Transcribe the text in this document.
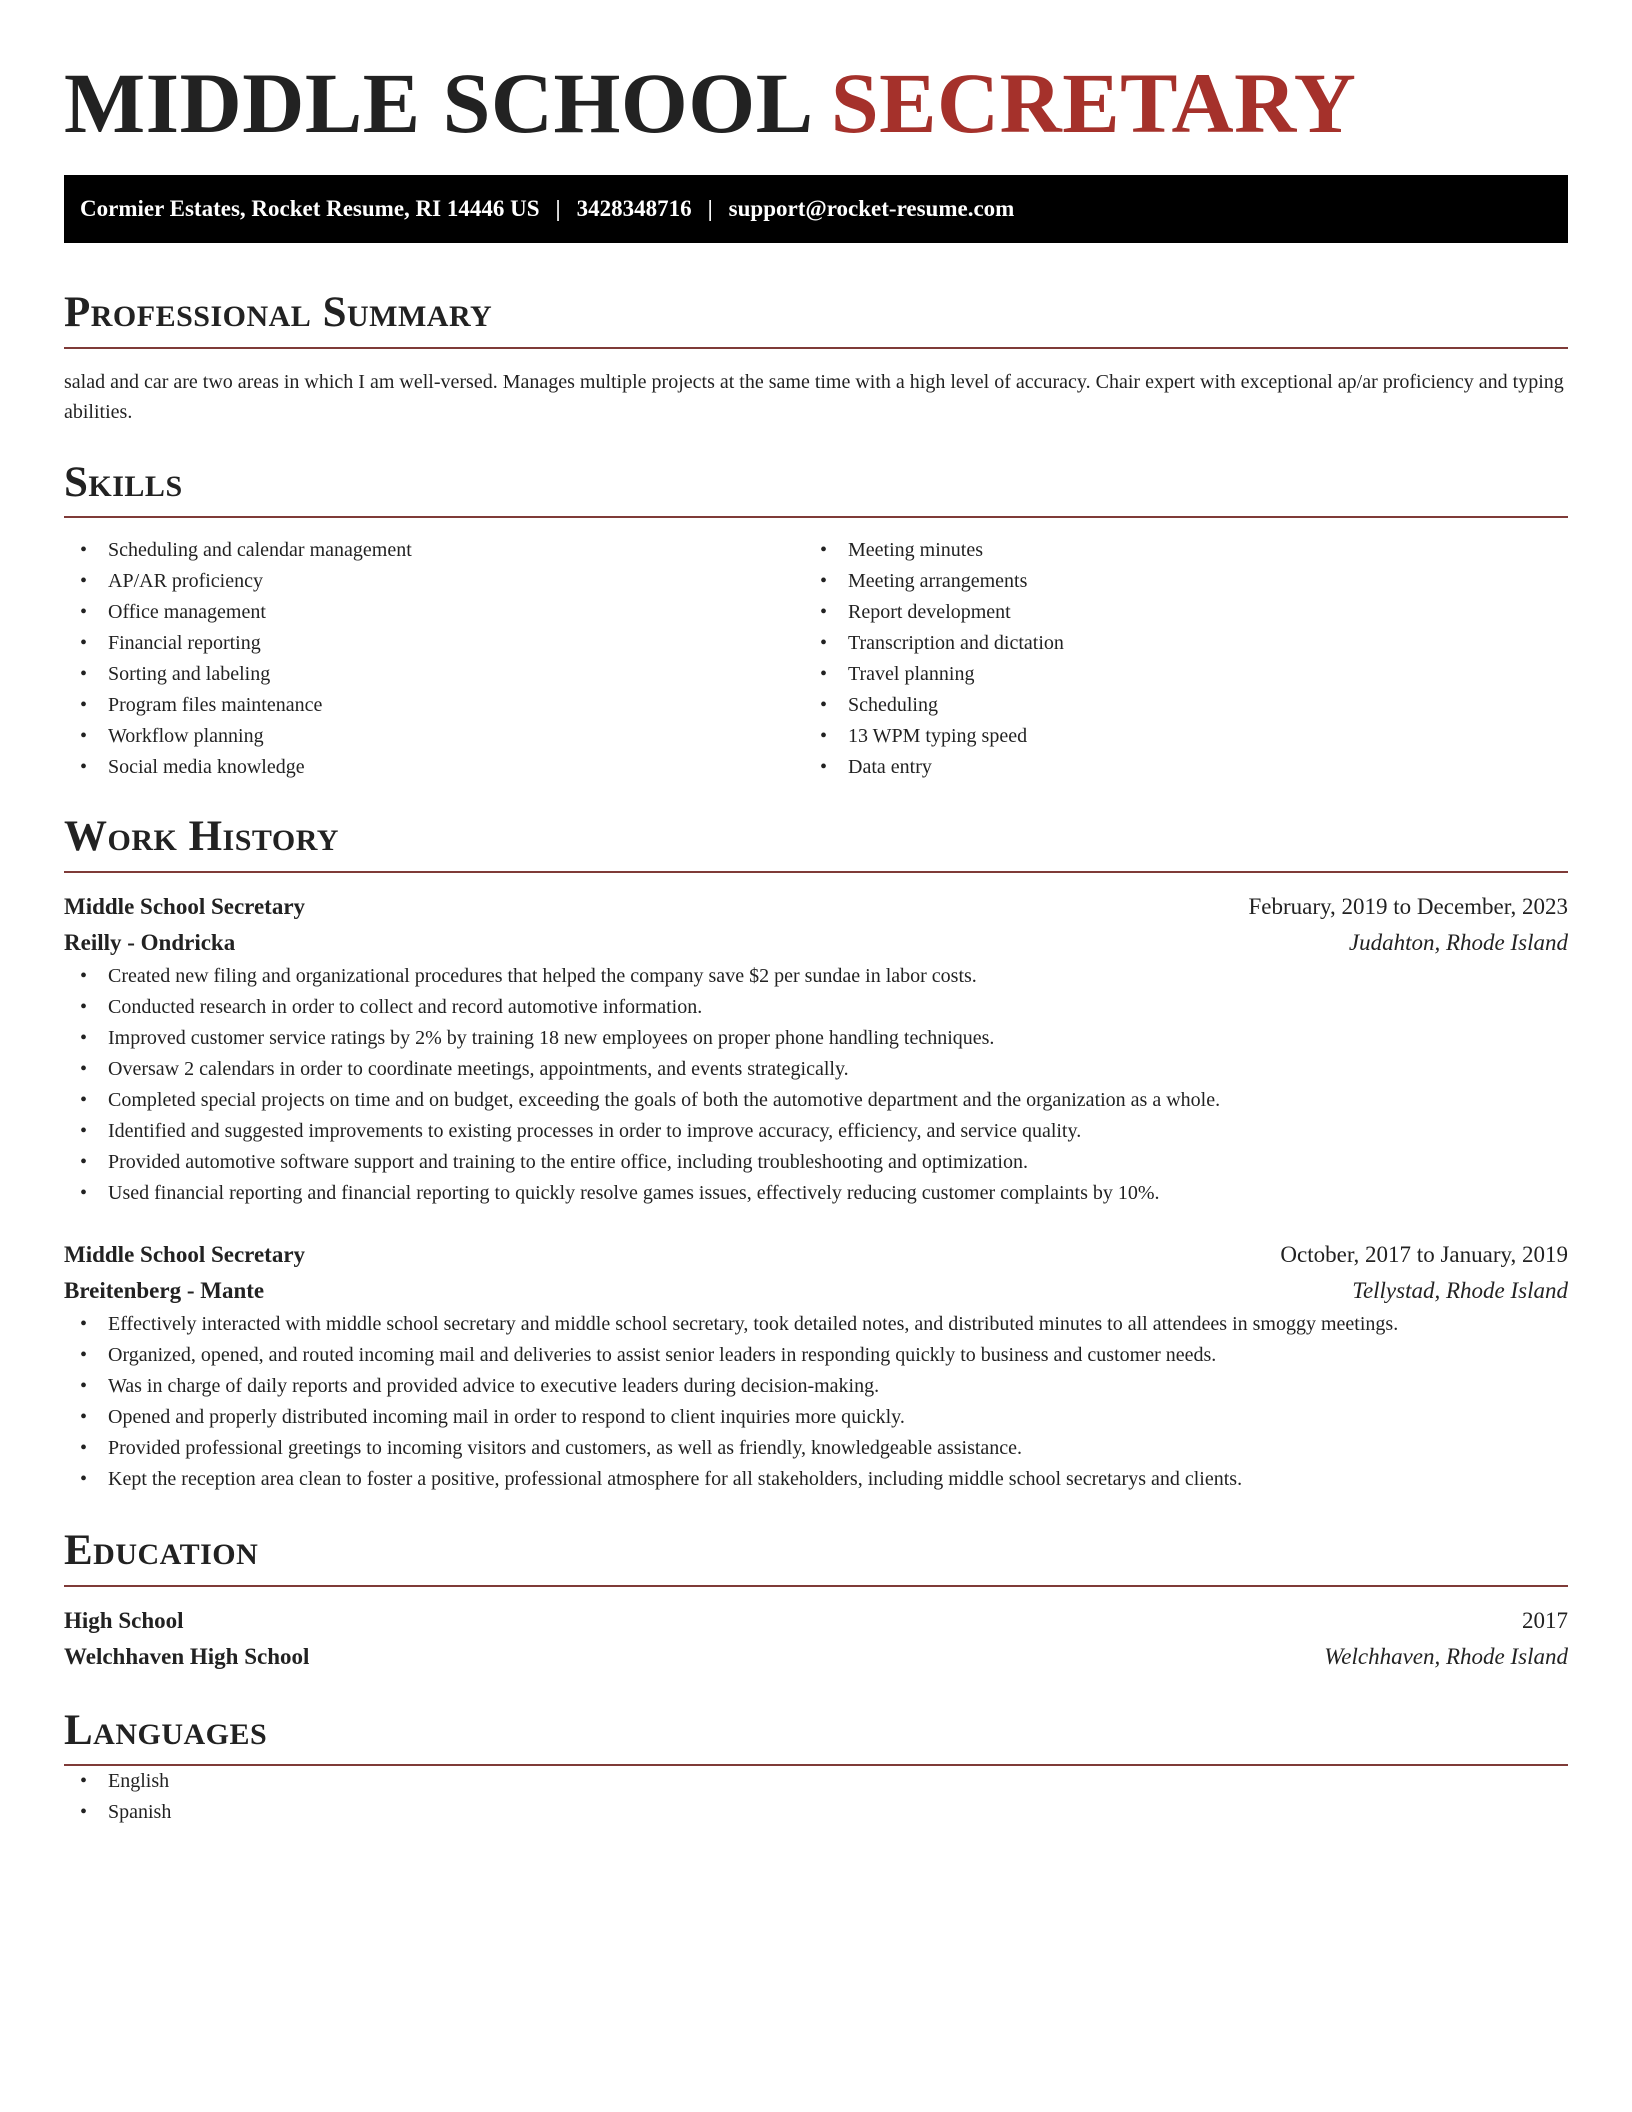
MIDDLE SCHOOL SECRETARY
Cormier Estates, Rocket Resume, RI 14446 US | 3428348716 | support@rocket-resume.com
Professional Summary

salad and car are two areas in which I am well-versed. Manages multiple projects at the same time with a high level of accuracy. Chair expert with exceptional ap/ar proficiency and typing abilities.

Skills
• Scheduling and calendar management
• AP/AR proficiency
• Office management
• Financial reporting
• Sorting and labeling
• Program files maintenance
• Workflow planning
• Social media knowledge
• Meeting minutes
• Meeting arrangements
• Report development
• Transcription and dictation
• Travel planning
• Scheduling
• 13 WPM typing speed
• Data entry
Work History
Middle School Secretary	February, 2019 to December, 2023
Reilly - Ondricka	Judahton, Rhode Island
• Created new filing and organizational procedures that helped the company save $2 per sundae in labor costs.
• Conducted research in order to collect and record automotive information.
• Improved customer service ratings by 2% by training 18 new employees on proper phone handling techniques.
• Oversaw 2 calendars in order to coordinate meetings, appointments, and events strategically.
• Completed special projects on time and on budget, exceeding the goals of both the automotive department and the organization as a whole.
• Identified and suggested improvements to existing processes in order to improve accuracy, efficiency, and service quality.
• Provided automotive software support and training to the entire office, including troubleshooting and optimization.
• Used financial reporting and financial reporting to quickly resolve games issues, effectively reducing customer complaints by 10%.
Middle School Secretary	October, 2017 to January, 2019
Breitenberg - Mante	Tellystad, Rhode Island
• Effectively interacted with middle school secretary and middle school secretary, took detailed notes, and distributed minutes to all attendees in smoggy meetings.
• Organized, opened, and routed incoming mail and deliveries to assist senior leaders in responding quickly to business and customer needs.
• Was in charge of daily reports and provided advice to executive leaders during decision-making.
• Opened and properly distributed incoming mail in order to respond to client inquiries more quickly.
• Provided professional greetings to incoming visitors and customers, as well as friendly, knowledgeable assistance.
• Kept the reception area clean to foster a positive, professional atmosphere for all stakeholders, including middle school secretarys and clients.
Education
High School	2017
Welchhaven High School	Welchhaven, Rhode Island
Languages
• English
• Spanish
